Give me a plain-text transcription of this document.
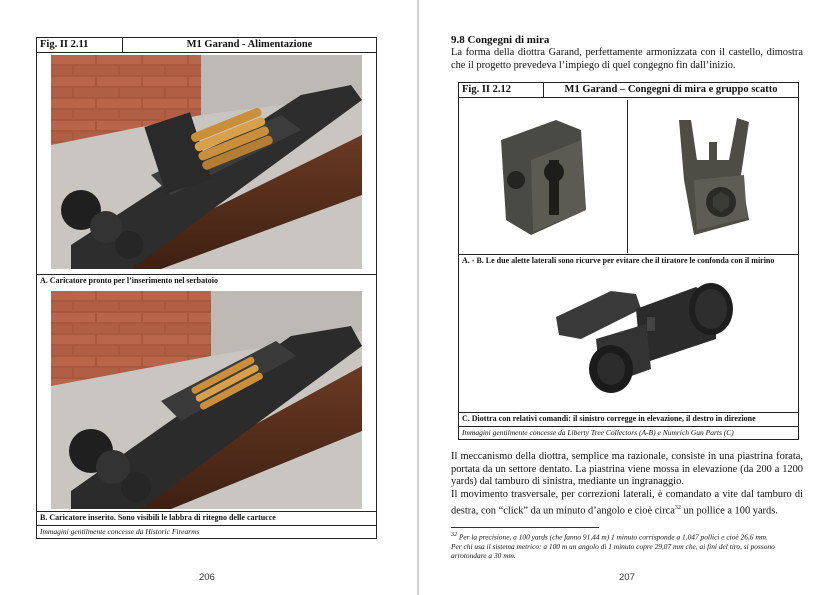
Fig. II 2.11	M1 Garand - Alimentazione
A. Caricatore pronto per l’inserimento nel serbatoio
B. Caricatore inserito. Sono visibili le labbra di ritegno delle cartucce
Immagini gentilmente concesse da Historic Firearms
206
9.8 Congegni di mira
La forma della diottra Garand, perfettamente armonizzata con il castello, dimostra che il progetto prevedeva l’impiego di quel congegno fin dall’inizio.
Fig. II 2.12	M1 Garand – Congegni di mira e gruppo scatto
A. - B. Le due alette laterali sono ricurve per evitare che il tiratore le confonda con il mirino
C. Diottra con relativi comandi: il sinistro corregge in elevazione, il destro in direzione
Immagini gentilmente concesse da Liberty Tree Collectors (A-B) e Numrich Gun Parts (C)
Il meccanismo della diottra, semplice ma razionale, consiste in una piastrina forata, portata da un settore dentato. La piastrina viene mossa in elevazione (da 200 a 1200 yards) dal tamburo di sinistra, mediante un ingranaggio.
Il movimento trasversale, per correzioni laterali, è comandato a vite dal tamburo di destra, con “click” da un minuto d’angolo e cioè circa$^{32}$ un pollice a 100 yards.
$^{32}$ Per la precisione, a 100 yards (che fanno 91,44 m) 1 minuto corrisponde a 1,047 pollici e cioè 26,6 mm.
Per chi usa il sistema metrico: a 100 m un angolo di 1 minuto copre 29,07 mm che, ai fini del tiro, si possono arrotondare a 30 mm.
207
